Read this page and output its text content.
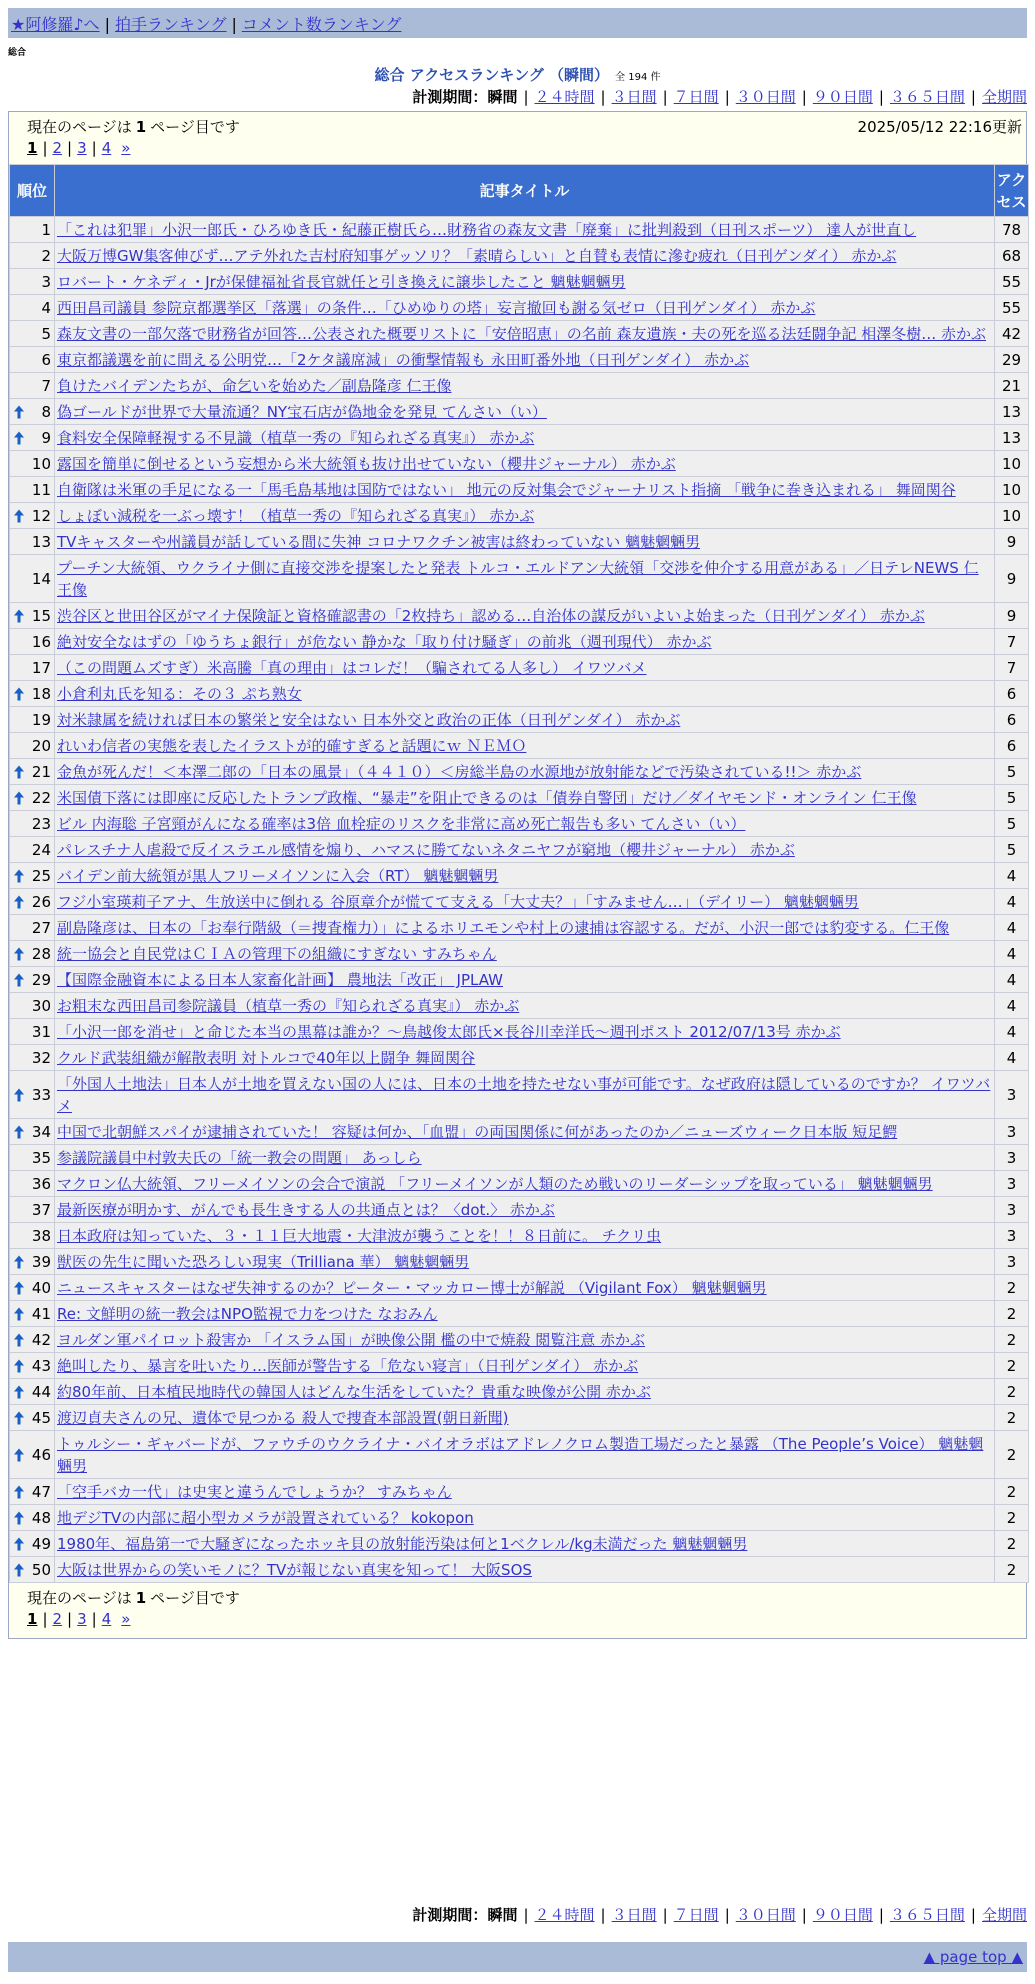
★阿修羅♪へ | 拍手ランキング | コメント数ランキング
総合
総合 アクセスランキング （瞬間） 全 194 件
計測期間：瞬間 | ２４時間 | ３日間 | ７日間 | ３０日間 | ９０日間 | ３６５日間 | 全期間
現在のページは 1 ページ目です	2025/05/12 22:16更新
1 | 2 | 3 | 4 »
順位	記事タイトル	アクセス
1	「これは犯罪」小沢一郎氏・ひろゆき氏・紀藤正樹氏ら…財務省の森友文書「廃棄」に批判殺到（日刊スポーツ） 達人が世直し	78
2	大阪万博GW集客伸びず…アテ外れた吉村府知事ゲッソリ？「素晴らしい」と自賛も表情に滲む疲れ（日刊ゲンダイ） 赤かぶ	68
3	ロバート・ケネディ・Jrが保健福祉省長官就任と引き換えに譲歩したこと 魑魅魍魎男	55
4	西田昌司議員 参院京都選挙区「落選」の条件…「ひめゆりの塔」妄言撤回も謝る気ゼロ（日刊ゲンダイ） 赤かぶ	55
5	森友文書の一部欠落で財務省が回答…公表された概要リストに「安倍昭恵」の名前 森友遺族・夫の死を巡る法廷闘争記 相澤冬樹… 赤かぶ	42
6	東京都議選を前に問える公明党…「2ケタ議席減」の衝撃情報も 永田町番外地（日刊ゲンダイ） 赤かぶ	29
7	負けたバイデンたちが、命乞いを始めた／副島隆彦 仁王像	21

8	偽ゴールドが世界で大量流通？NY宝石店が偽地金を発見 てんさい（い）	13

9	食料安全保障軽視する不見識（植草一秀の『知られざる真実』） 赤かぶ	13
10	露国を簡単に倒せるという妄想から米大統領も抜け出せていない（櫻井ジャーナル） 赤かぶ	10
11	自衛隊は米軍の手足になる一「馬毛島基地は国防ではない」 地元の反対集会でジャーナリスト指摘 「戦争に巻き込まれる」 舞岡関谷	10

12	しょぼい減税を一ぶっ壊す！（植草一秀の『知られざる真実』） 赤かぶ	10
13	TVキャスターや州議員が話している間に失神 コロナワクチン被害は終わっていない 魑魅魍魎男	9
14	プーチン大統領、ウクライナ側に直接交渉を提案したと発表 トルコ・エルドアン大統領「交渉を仲介する用意がある」／日テレNEWS 仁王像	9

15	渋谷区と世田谷区がマイナ保険証と資格確認書の「2枚持ち」認める…自治体の謀反がいよいよ始まった（日刊ゲンダイ） 赤かぶ	9
16	絶対安全なはずの「ゆうちょ銀行」が危ない 静かな「取り付け騒ぎ」の前兆（週刊現代） 赤かぶ	7
17	（この問題ムズすぎ）米高騰「真の理由」はコレだ！（騙されてる人多し） イワツバメ	7

18	小倉利丸氏を知る：その３ ぷち熟女	6
19	対米隷属を続ければ日本の繁栄と安全はない 日本外交と政治の正体（日刊ゲンダイ） 赤かぶ	6
20	れいわ信者の実態を表したイラストが的確すぎると話題にｗ ＮＥＭＯ	6

21	金魚が死んだ！＜本澤二郎の「日本の風景」（４４１０）＜房総半島の水源地が放射能などで汚染されている!!＞ 赤かぶ	5

22	米国債下落には即座に反応したトランプ政権、“暴走”を阻止できるのは「債券自警団」だけ／ダイヤモンド・オンライン 仁王像	5
23	ビル 内海聡 子宮頸がんになる確率は3倍 血栓症のリスクを非常に高め死亡報告も多い てんさい（い）	5
24	パレスチナ人虐殺で反イスラエル感情を煽り、ハマスに勝てないネタニヤフが窮地（櫻井ジャーナル） 赤かぶ	5

25	バイデン前大統領が黒人フリーメイソンに入会（RT） 魑魅魍魎男	4

26	フジ小室瑛莉子アナ、生放送中に倒れる 谷原章介が慌てて支える「大丈夫？」「すみません…」（デイリー） 魑魅魍魎男	4
27	副島隆彦は、日本の「お奉行階級（＝捜査権力）」によるホリエモンや村上の逮捕は容認する。だが、小沢一郎では豹変する。仁王像	4

28	統一協会と自民党はＣＩＡの管理下の組織にすぎない すみちゃん	4

29	【国際金融資本による日本人家畜化計画】 農地法「改正」 JPLAW	4
30	お粗末な西田昌司参院議員（植草一秀の『知られざる真実』） 赤かぶ	4
31	「小沢一郎を消せ」と命じた本当の黒幕は誰か？～鳥越俊太郎氏×長谷川幸洋氏～週刊ポスト 2012/07/13号 赤かぶ	4
32	クルド武装組織が解散表明 対トルコで40年以上闘争 舞岡関谷	4

33	「外国人土地法」日本人が土地を買えない国の人には、日本の土地を持たせない事が可能です。なぜ政府は隠しているのですか？ イワツバメ	3

34	中国で北朝鮮スパイが逮捕されていた！ 容疑は何か、「血盟」の両国関係に何があったのか／ニューズウィーク日本版 短足鰐	3
35	参議院議員中村敦夫氏の「統一教会の問題」 あっしら	3
36	マクロン仏大統領、フリーメイソンの会合で演説 「フリーメイソンが人類のため戦いのリーダーシップを取っている」 魑魅魍魎男	3
37	最新医療が明かす、がんでも長生きする人の共通点とは？〈dot.〉 赤かぶ	3
38	日本政府は知っていた、３・１１巨大地震・大津波が襲うことを！！８日前に。 チクリ虫	3

39	獣医の先生に聞いた恐ろしい現実（Trilliana 華） 魑魅魍魎男	3

40	ニュースキャスターはなぜ失神するのか？ピーター・マッカロー博士が解説 （Vigilant Fox） 魑魅魍魎男	2

41	Re: 文鮮明の統一教会はNPO監視で力をつけた なおみん	2

42	ヨルダン軍パイロット殺害か 「イスラム国」が映像公開 檻の中で焼殺 閲覧注意 赤かぶ	2

43	絶叫したり、暴言を吐いたり…医師が警告する「危ない寝言」（日刊ゲンダイ） 赤かぶ	2

44	約80年前、日本植民地時代の韓国人はどんな生活をしていた？貴重な映像が公開 赤かぶ	2

45	渡辺貞夫さんの兄、遺体で見つかる 殺人で捜査本部設置(朝日新聞)	2

46	トゥルシー・ギャバードが、ファウチのウクライナ・バイオラボはアドレノクロム製造工場だったと暴露 （The People’s Voice） 魑魅魍魎男	2

47	「空手バカ一代」は史実と違うんでしょうか？ すみちゃん	2

48	地デジTVの内部に超小型カメラが設置されている？ kokopon	2

49	1980年、福島第一で大騒ぎになったホッキ貝の放射能汚染は何と1ベクレル/kg未満だった 魑魅魍魎男	2

50	大阪は世界からの笑いモノに？TVが報じない真実を知って！ 大阪SOS	2
現在のページは 1 ページ目です
1 | 2 | 3 | 4 »
計測期間：瞬間 | ２４時間 | ３日間 | ７日間 | ３０日間 | ９０日間 | ３６５日間 | 全期間
▲ page top ▲
